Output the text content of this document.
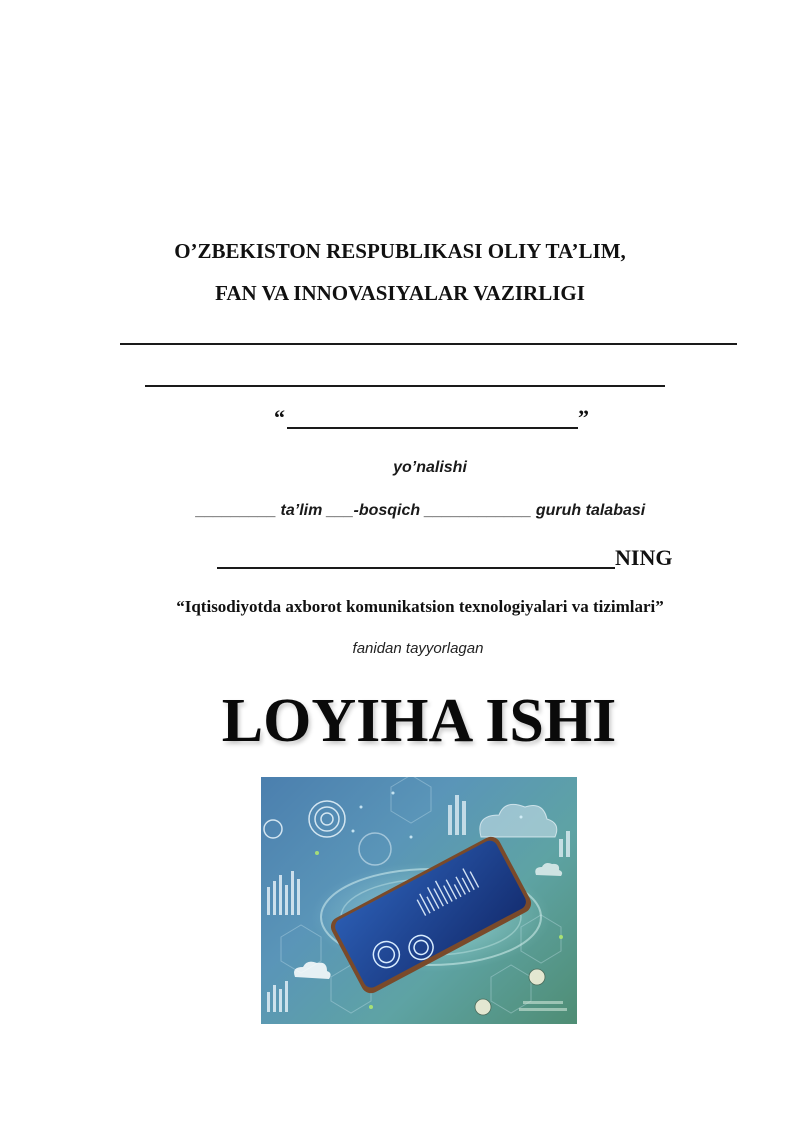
O’ZBEKISTON RESPUBLIKASI OLIY TA’LIM,
FAN VA INNOVASIYALAR VAZIRLIGI
“	”
yo’nalishi
_________ ta’lim ___-bosqich ____________ guruh talabasi
NING
“Iqtisodiyotda axborot komunikatsion texnologiyalari va tizimlari”
fanidan tayyorlagan
LOYIHA ISHI
